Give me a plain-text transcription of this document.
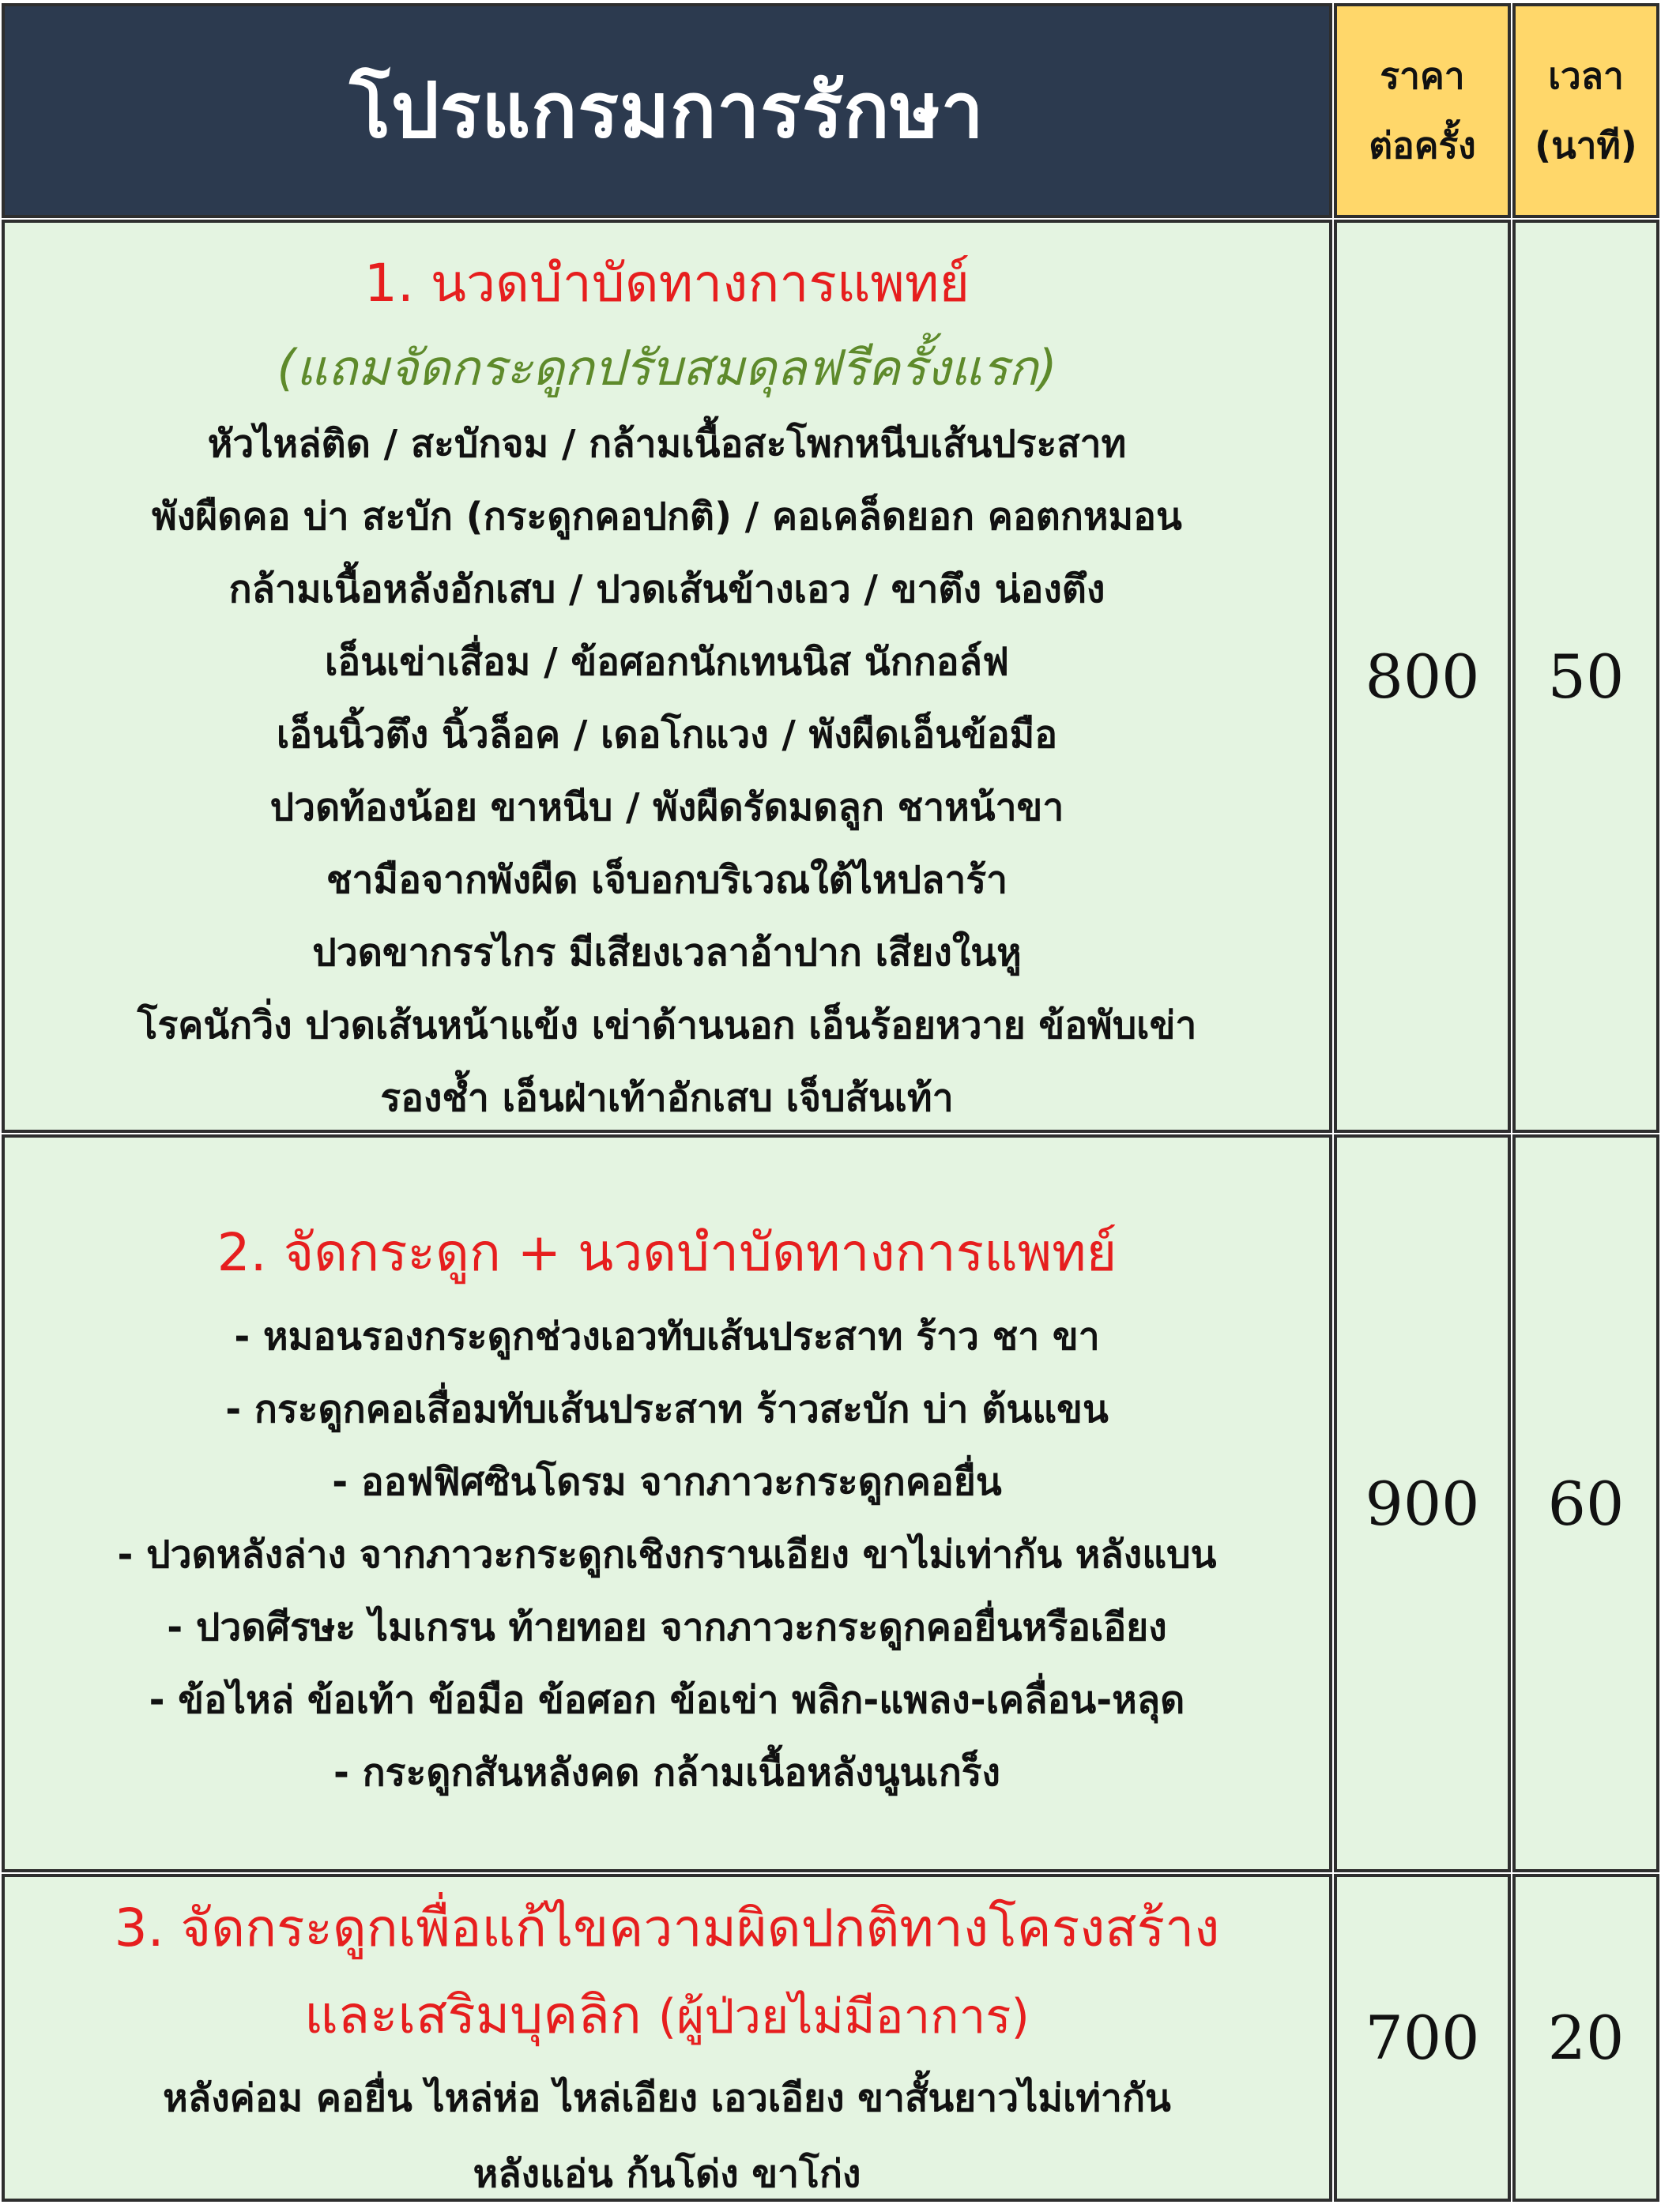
โปรแกรมการรักษา	ราคา
ต่อครั้ง
เวลา
(นาที)
1. นวดบำบัดทางการแพทย์
(แถมจัดกระดูกปรับสมดุลฟรีครั้งแรก)
หัวไหล่ติด / สะบักจม / กล้ามเนื้อสะโพกหนีบเส้นประสาท
พังผืดคอ บ่า สะบัก (กระดูกคอปกติ) / คอเคล็ดยอก คอตกหมอน
กล้ามเนื้อหลังอักเสบ / ปวดเส้นข้างเอว / ขาตึง น่องตึง
เอ็นเข่าเสื่อม / ข้อศอกนักเทนนิส นักกอล์ฟ
เอ็นนิ้วตึง นิ้วล็อค / เดอโกแวง / พังผืดเอ็นข้อมือ
ปวดท้องน้อย ขาหนีบ / พังผืดรัดมดลูก ชาหน้าขา
ชามือจากพังผืด เจ็บอกบริเวณใต้ไหปลาร้า
ปวดขากรรไกร มีเสียงเวลาอ้าปาก เสียงในหู
โรคนักวิ่ง ปวดเส้นหน้าแข้ง เข่าด้านนอก เอ็นร้อยหวาย ข้อพับเข่า
รองช้ำ เอ็นฝ่าเท้าอักเสบ เจ็บส้นเท้า
800 50
2. จัดกระดูก + นวดบำบัดทางการแพทย์
- หมอนรองกระดูกช่วงเอวทับเส้นประสาท ร้าว ชา ขา
- กระดูกคอเสื่อมทับเส้นประสาท ร้าวสะบัก บ่า ต้นแขน
- ออฟฟิศซินโดรม จากภาวะกระดูกคอยื่น
- ปวดหลังล่าง จากภาวะกระดูกเชิงกรานเอียง ขาไม่เท่ากัน หลังแบน
- ปวดศีรษะ ไมเกรน ท้ายทอย จากภาวะกระดูกคอยื่นหรือเอียง
- ข้อไหล่ ข้อเท้า ข้อมือ ข้อศอก ข้อเข่า พลิก-แพลง-เคลื่อน-หลุด
- กระดูกสันหลังคด กล้ามเนื้อหลังนูนเกร็ง
900 60
3. จัดกระดูกเพื่อแก้ไขความผิดปกติทางโครงสร้าง
และเสริมบุคลิก (ผู้ป่วยไม่มีอาการ)
หลังค่อม คอยื่น ไหล่ห่อ ไหล่เอียง เอวเอียง ขาสั้นยาวไม่เท่ากัน
หลังแอ่น ก้นโด่ง ขาโก่ง
700 20
